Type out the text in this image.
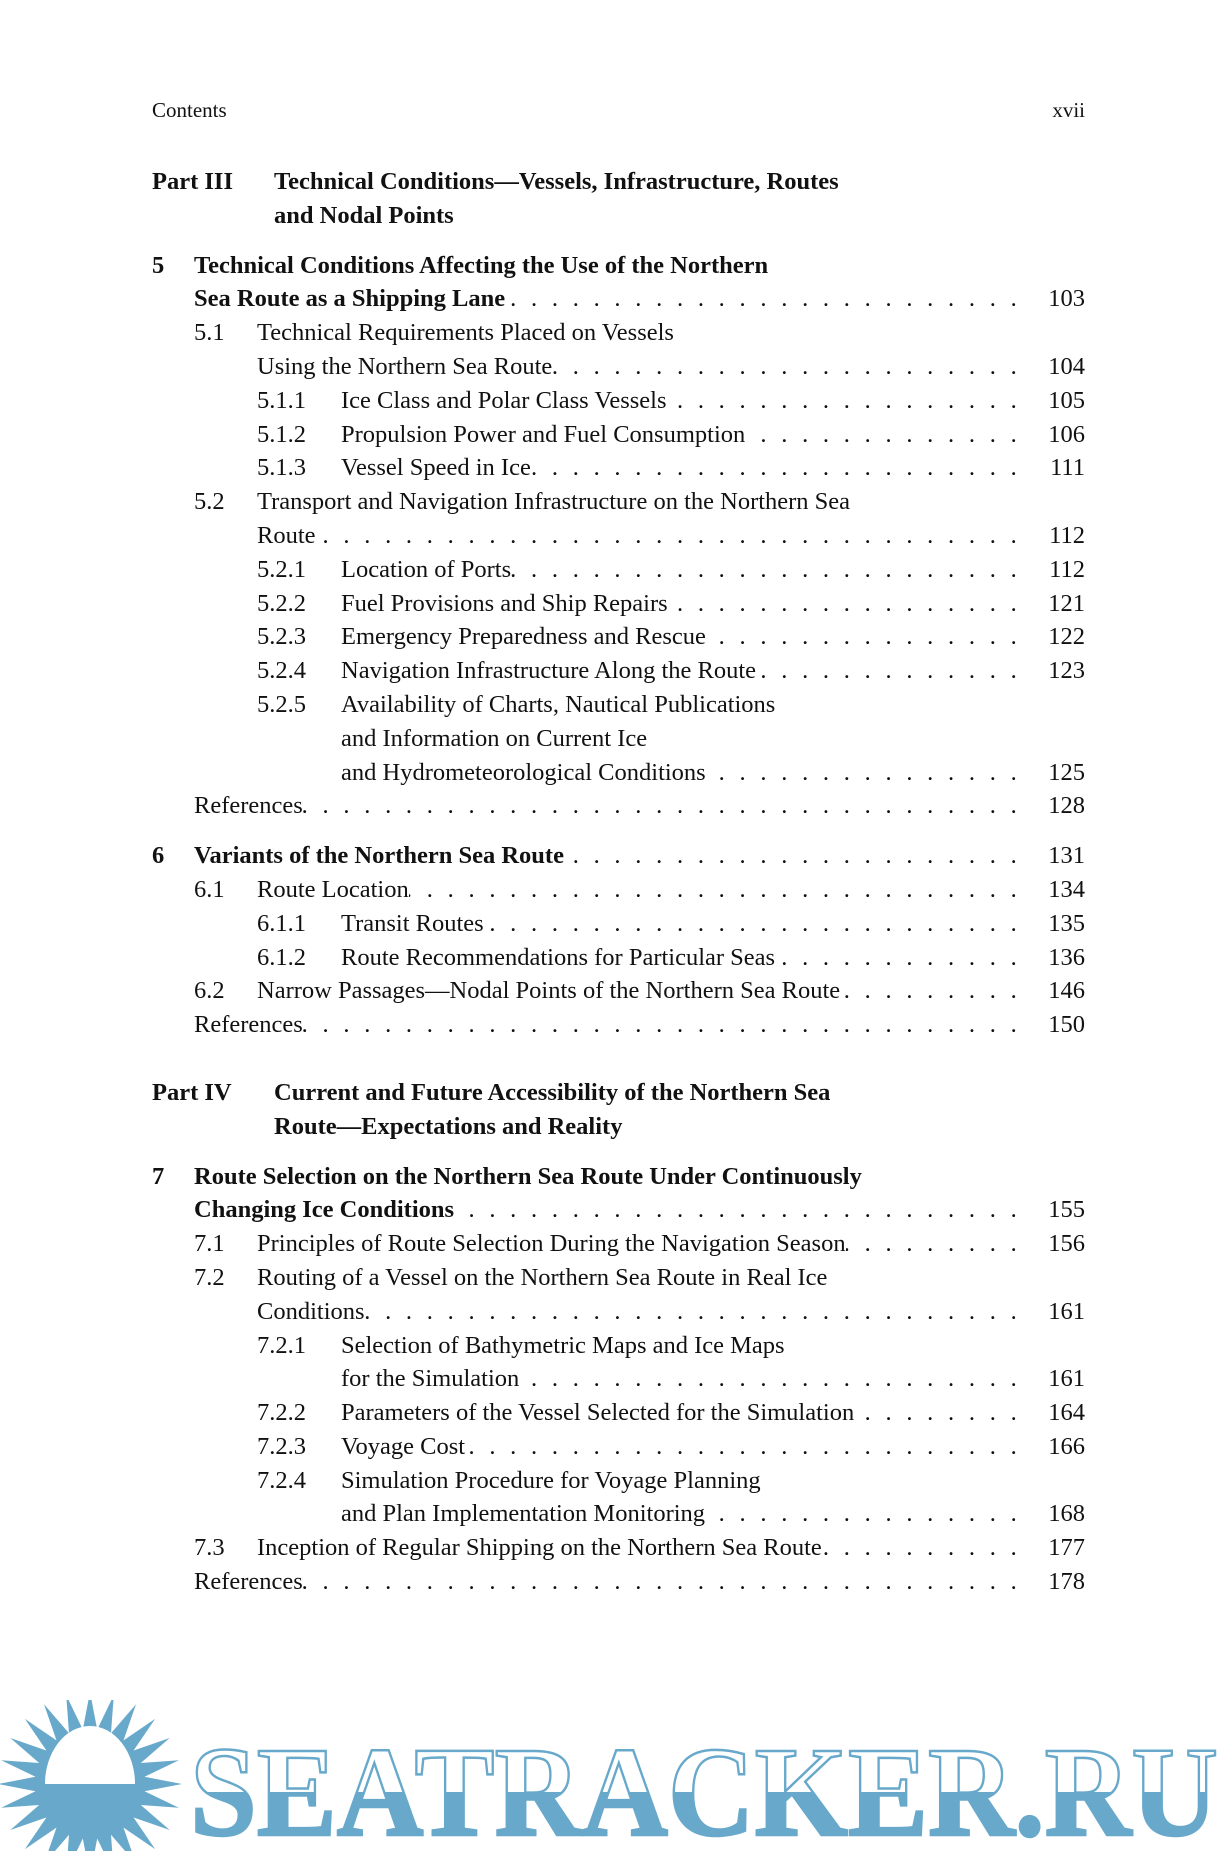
Contents	xvii
Part III Technical Conditions—Vessels, Infrastructure, Routes
and Nodal Points
5 Technical Conditions Affecting the Use of the Northern
Sea Route as a Shipping Lane . . .	103
5.1 Technical Requirements Placed on Vessels
Using the Northern Sea Route . . .	104
5.1.1 Ice Class and Polar Class Vessels . . .	105
5.1.2 Propulsion Power and Fuel Consumption . . .	106
5.1.3 Vessel Speed in Ice . . .	111
5.2 Transport and Navigation Infrastructure on the Northern Sea
Route . . .	112
5.2.1 Location of Ports . . .	112
5.2.2 Fuel Provisions and Ship Repairs . . .	121
5.2.3 Emergency Preparedness and Rescue . . .	122
5.2.4 Navigation Infrastructure Along the Route . . .	123
5.2.5 Availability of Charts, Nautical Publications
and Information on Current Ice
and Hydrometeorological Conditions . . .	125
References . . .	128
6 Variants of the Northern Sea Route . . .	131
6.1 Route Location . . .	134
6.1.1 Transit Routes . . .	135
6.1.2 Route Recommendations for Particular Seas . . .	136
6.2 Narrow Passages—Nodal Points of the Northern Sea Route . . .	146
References . . .	150
Part IV Current and Future Accessibility of the Northern Sea
Route—Expectations and Reality
7 Route Selection on the Northern Sea Route Under Continuously
Changing Ice Conditions . . .	155
7.1 Principles of Route Selection During the Navigation Season . . .	156
7.2 Routing of a Vessel on the Northern Sea Route in Real Ice
Conditions . . .	161
7.2.1 Selection of Bathymetric Maps and Ice Maps
for the Simulation . . .	161
7.2.2 Parameters of the Vessel Selected for the Simulation . . .	164
7.2.3 Voyage Cost . . .	166
7.2.4 Simulation Procedure for Voyage Planning
and Plan Implementation Monitoring . . .	168
7.3 Inception of Regular Shipping on the Northern Sea Route . . .	177
References . . .	178
SEATRACKER.RU
